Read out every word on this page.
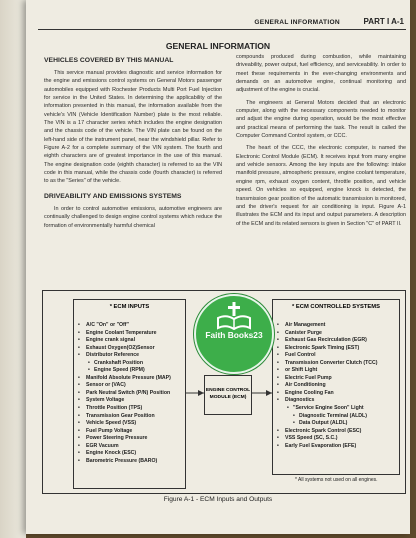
GENERAL INFORMATION	PART I A-1
GENERAL INFORMATION
VEHICLES COVERED BY THIS MANUAL

This service manual provides diagnostic and service information for the engine and emissions control systems on General Motors passenger automobiles equipped with Rochester Products Multi Port Fuel Injection for service in the United States. In determining the applicability of the information presented in this manual, the information available from the vehicle's VIN (Vehicle Identification Number) plate is the most reliable. The VIN is a 17 character series which includes the engine designation and the chassis code of the vehicle. The VIN plate can be found on the left-hand side of the instrument panel, near the windshield pillar. Refer to Figure A-2 for a complete summary of the VIN system. The fourth and eighth characters are of greatest importance in the use of this manual. The engine designation code (eighth character) is referred to as the VIN code in this manual, while the chassis code (fourth character) is referred to as the "Series" of the vehicle.

DRIVEABILITY AND EMISSIONS SYSTEMS

In order to control automotive emissions, automotive engineers are continually challenged to design engine control systems which reduce the formation of environmentally harmful chemical

compounds produced during combustion, while maintaining driveability, power output, fuel efficiency, and serviceability. In order to meet these requirements in the ever-changing environments and demands on an automotive engine, continual monitoring and adjustment of the engine is crucial.

The engineers at General Motors decided that an electronic computer, along with the necessary components needed to monitor and adjust the engine during operation, would be the most effective and practical means of performing the task. The result is called the Computer Command Control system, or CCC.

The heart of the CCC, the electronic computer, is named the Electronic Control Module (ECM). It receives input from many engine and vehicle sensors. Among the key inputs are the following: intake manifold pressure, atmospheric pressure, engine coolant temperature, engine rpm, exhaust oxygen content, throttle position, and vehicle speed. On vehicles so equipped, engine knock is detected, the transmission gear position of the automatic transmission is monitored, and the driver's request for air conditioning is input. Figure A-1 illustrates the ECM and its input and output parameters. A description of the ECM and its related sensors is given in Section "C" of PART II.

* ECM INPUTS
• A/C "On" or "Off"
• Engine Coolant Temperature
• Engine crank signal
• Exhaust Oxygen(O2)Sensor
• Distributor Reference
• Crankshaft Position
• Engine Speed (RPM)
• Manifold Absolute Pressure (MAP)
• Sensor or (VAC)
• Park Neutral Switch (P/N) Position
• System Voltage
• Throttle Position (TPS)
• Transmission Gear Position
• Vehicle Speed (VSS)
• Fuel Pump Voltage
• Power Steering Pressure
• EGR Vacuum
• Engine Knock (ESC)
• Barometric Pressure (BARO)
ENGINE CONTROL MODULE (ECM)
* ECM CONTROLLED SYSTEMS
• Air Management
• Canister Purge
• Exhaust Gas Recirculation (EGR)
• Electronic Spark Timing (EST)
• Fuel Control
• Transmission Converter Clutch (TCC)
• or Shift Light
• Electric Fuel Pump
• Air Conditioning
• Engine Cooling Fan
• Diagnostics
• "Service Engine Soon" Light
• Diagnostic Terminal (ALDL)
• Data Output (ALDL)
• Electronic Spark Control (ESC)
• VSS Speed (SC, S.C.)
• Early Fuel Evaporation (EFE)
* All systems not used on all engines.
Figure A-1 - ECM Inputs and Outputs
Faith Books23
